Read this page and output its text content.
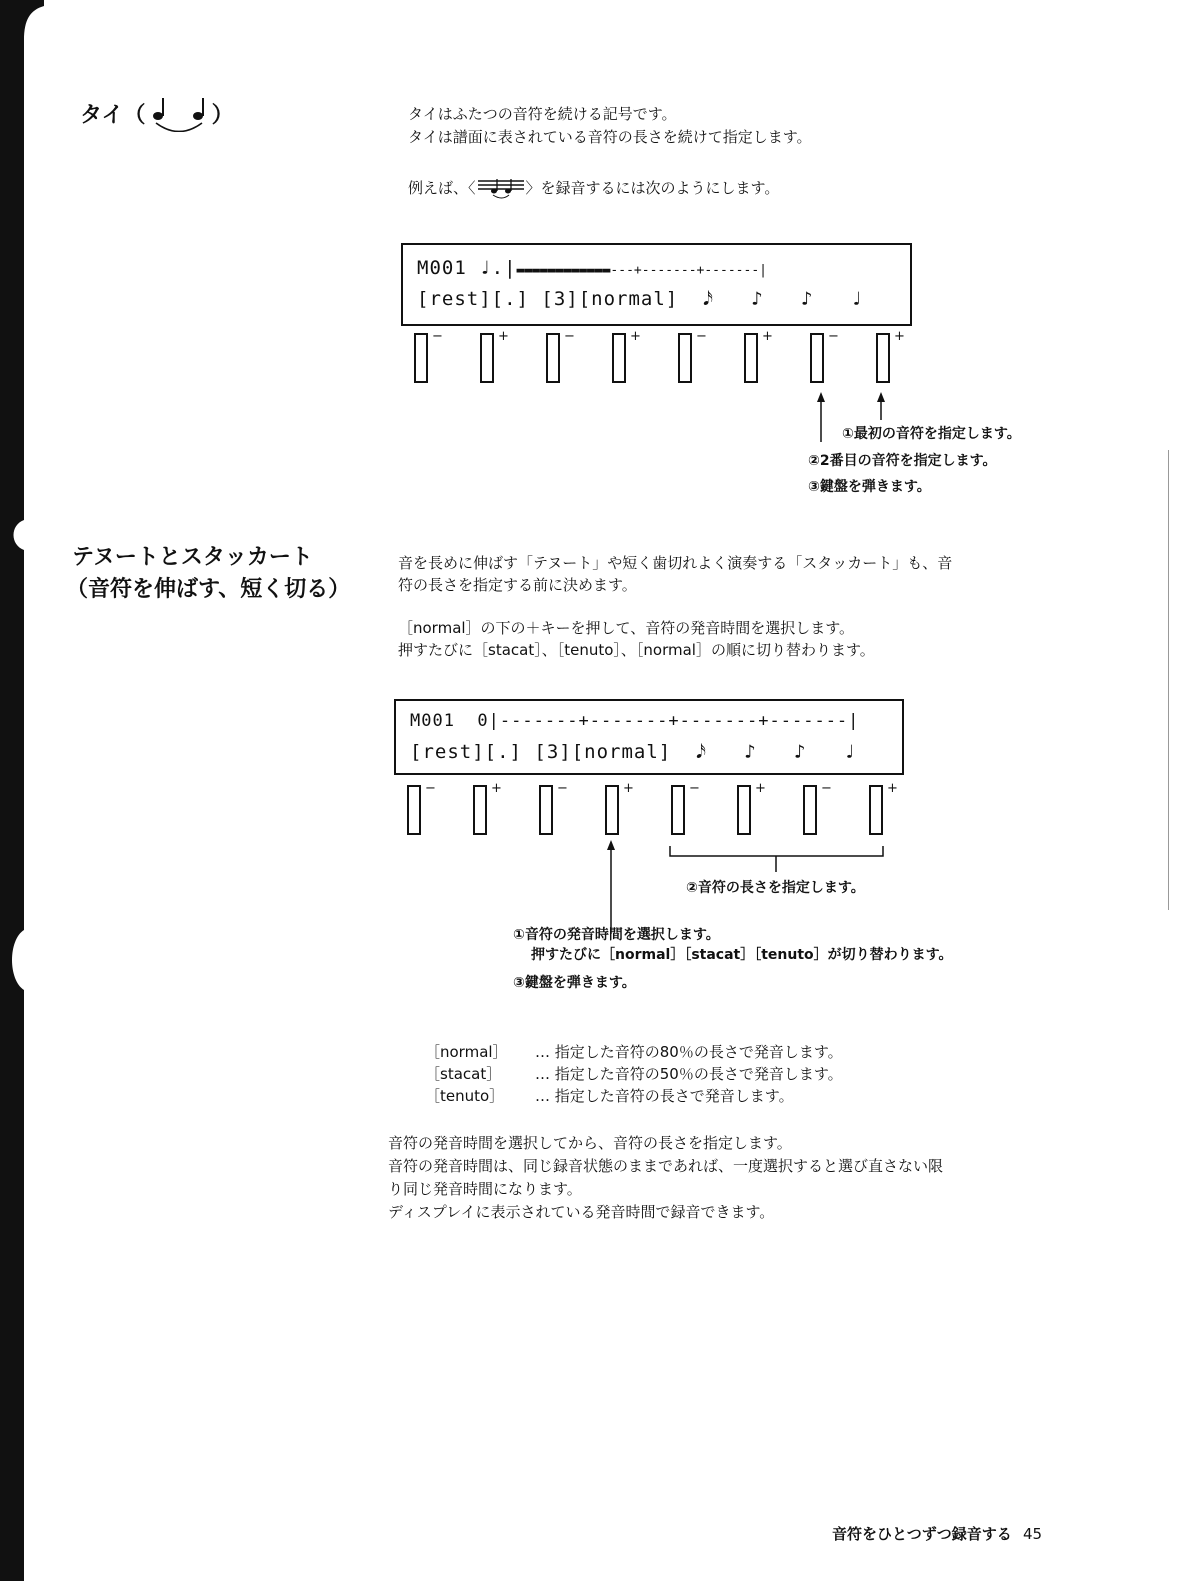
タイ（	）	タイはふたつの音符を続ける記号です。
タイは譜面に表されている音符の長さを続けて指定します。
例えば、〈	〉を録音するには次のようにします。
M001 ♩.|▬▬▬▬▬▬▬▬▬▬▬▬---+-------+-------|
[rest][.] [3][normal]  𝅘𝅥𝅯   ♪   ♪   ♩
−	+	−	+	−	+	−	+
①最初の音符を指定します。
②2番目の音符を指定します。
③鍵盤を弾きます。
テヌートとスタッカート
（音符を伸ばす、短く切る）
音を長めに伸ばす「テヌート」や短く歯切れよく演奏する「スタッカート」も、音
符の長さを指定する前に決めます。
［normal］の下の＋キーを押して、音符の発音時間を選択します。
押すたびに［stacat］、［tenuto］、［normal］の順に切り替わります。
M001  0|-------+-------+-------+-------|
[rest][.] [3][normal]  𝅘𝅥𝅯   ♪   ♪   ♩
−	+	−	+	−	+	−	+
②音符の長さを指定します。
①音符の発音時間を選択します。
押すたびに［normal］［stacat］［tenuto］が切り替わります。
③鍵盤を弾きます。
［normal］ … 指定した音符の80％の長さで発音します。
［stacat］ … 指定した音符の50％の長さで発音します。
［tenuto］ … 指定した音符の長さで発音します。
音符の発音時間を選択してから、音符の長さを指定します。
音符の発音時間は、同じ録音状態のままであれば、一度選択すると選び直さない限
り同じ発音時間になります。
ディスプレイに表示されている発音時間で録音できます。
音符をひとつずつ録音する 45
